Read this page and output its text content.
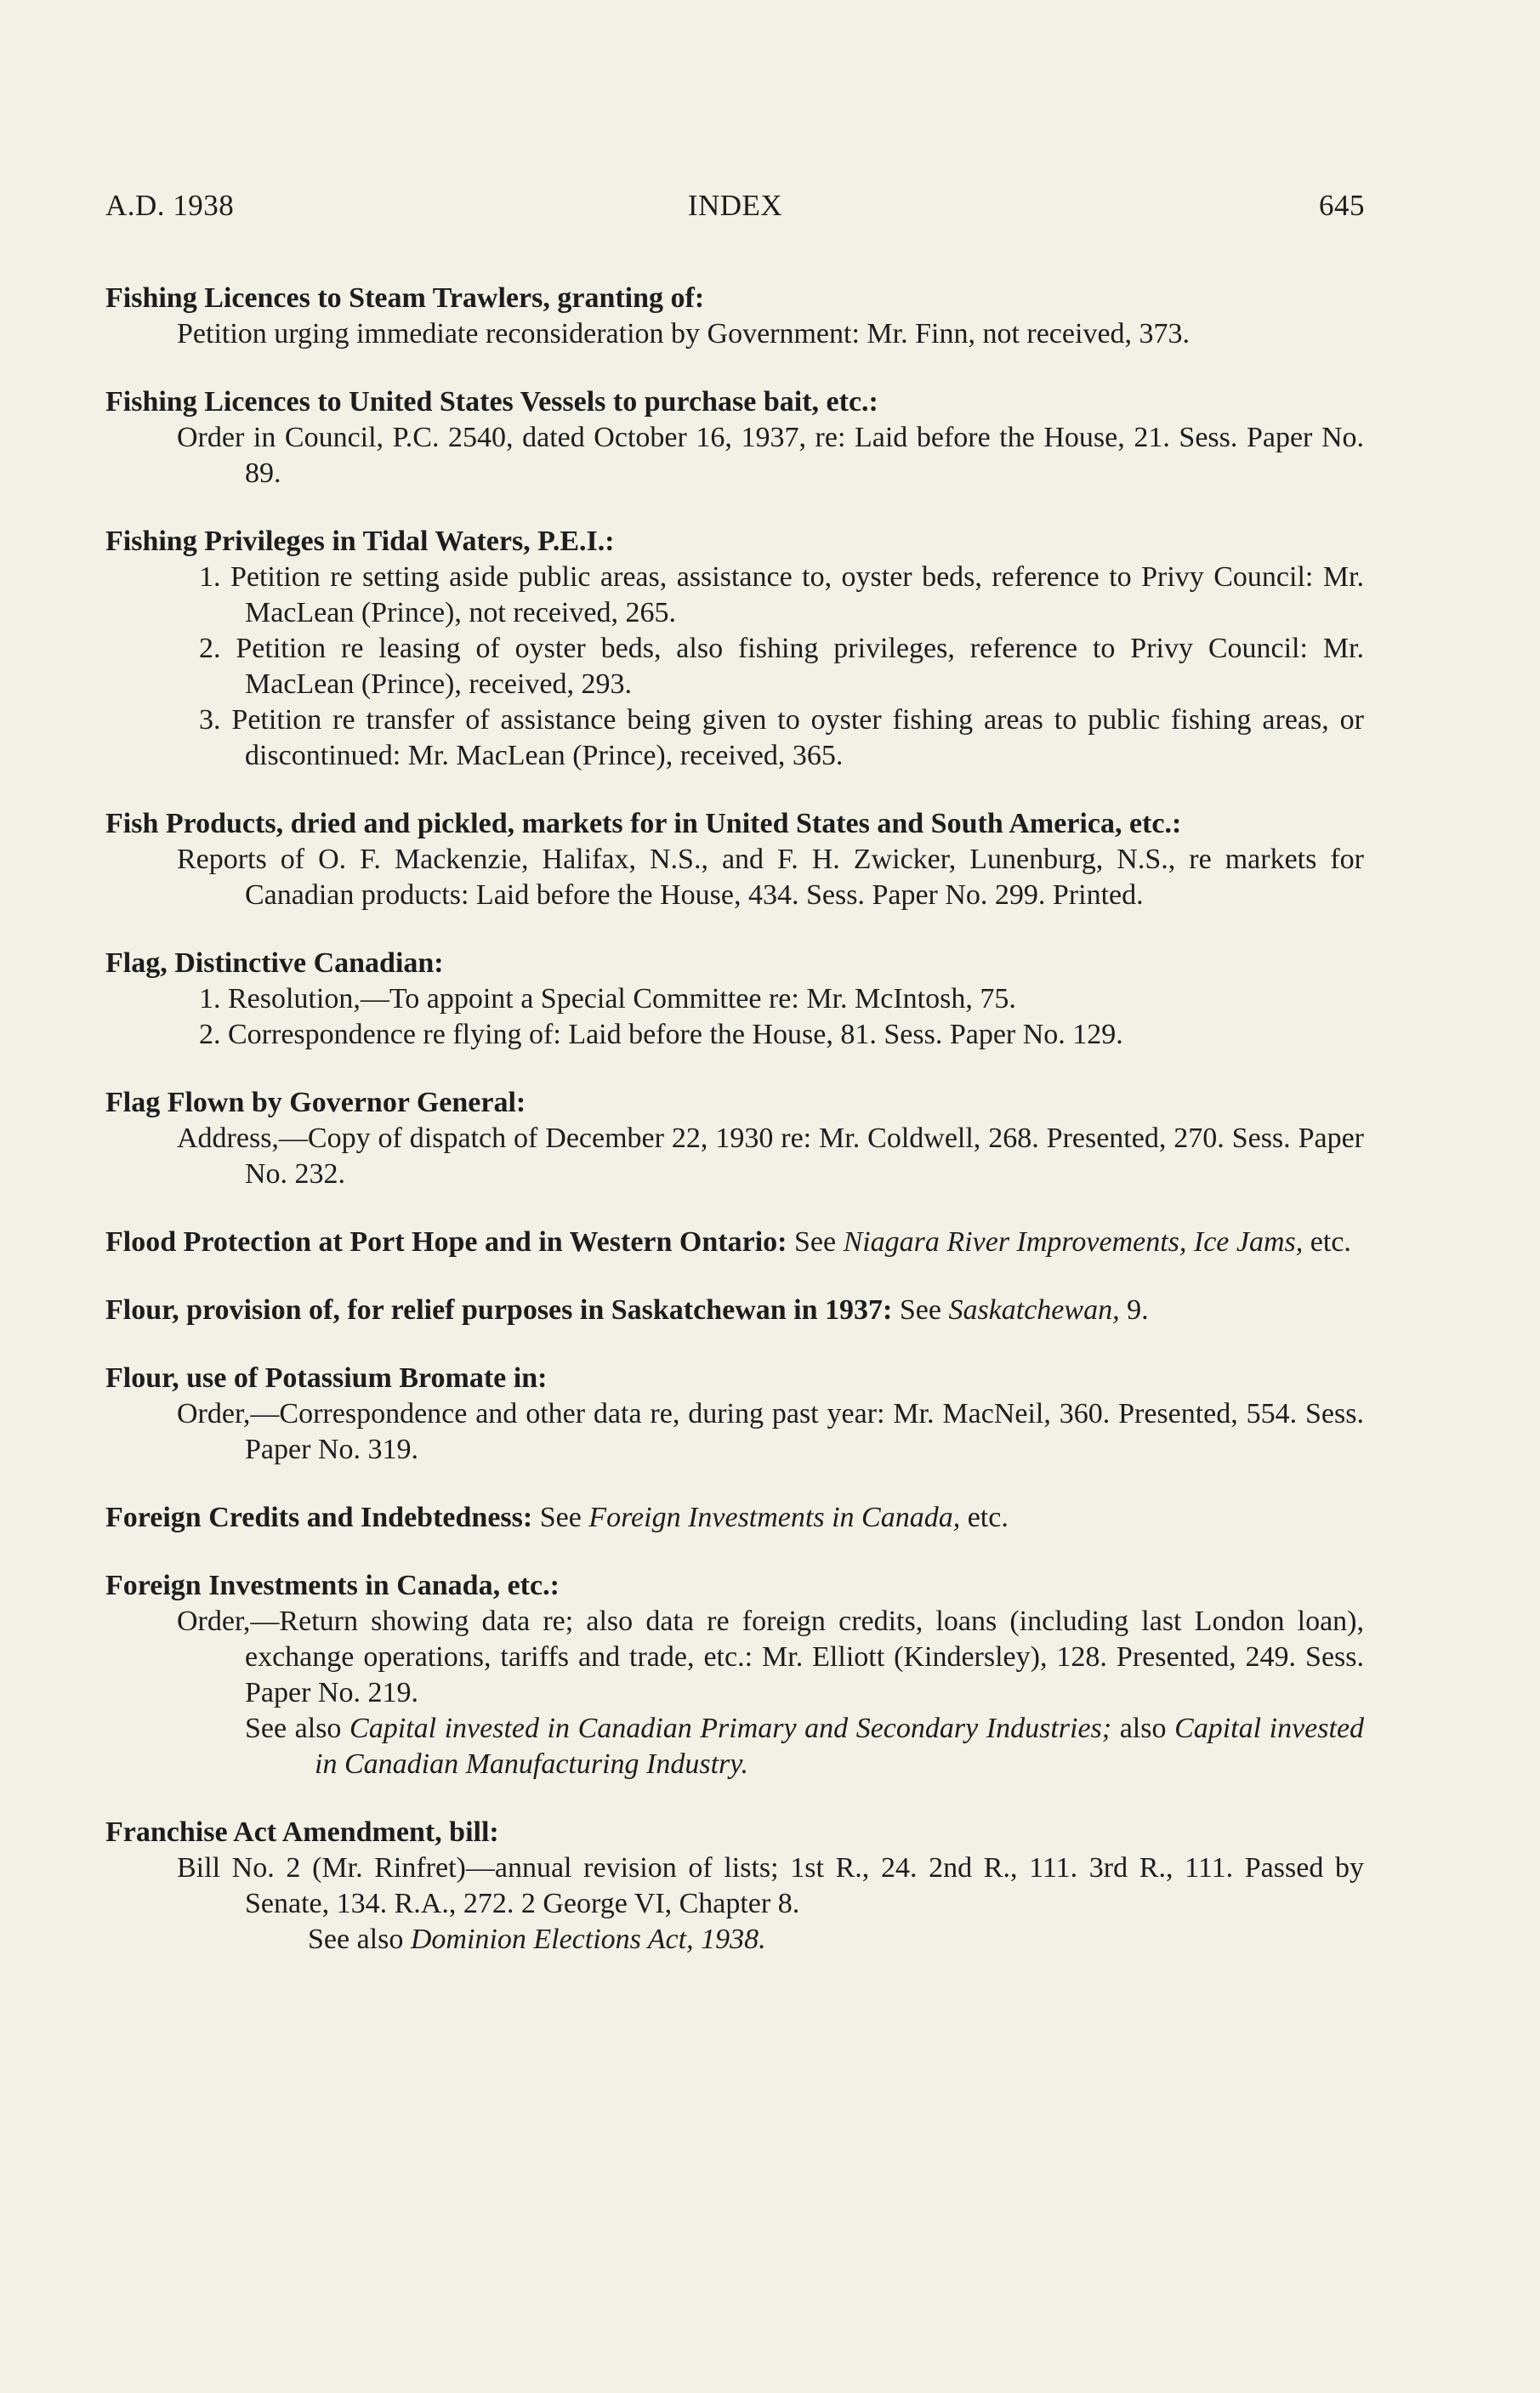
A.D. 1938	INDEX	645
Fishing Licences to Steam Trawlers, granting of:
Petition urging immediate reconsideration by Government: Mr. Finn, not received, 373.
Fishing Licences to United States Vessels to purchase bait, etc.:
Order in Council, P.C. 2540, dated October 16, 1937, re: Laid before the House, 21. Sess. Paper No. 89.
Fishing Privileges in Tidal Waters, P.E.I.:
1. Petition re setting aside public areas, assistance to, oyster beds, reference to Privy Council: Mr. MacLean (Prince), not received, 265.
2. Petition re leasing of oyster beds, also fishing privileges, reference to Privy Council: Mr. MacLean (Prince), received, 293.
3. Petition re transfer of assistance being given to oyster fishing areas to public fishing areas, or discontinued: Mr. MacLean (Prince), received, 365.
Fish Products, dried and pickled, markets for in United States and South America, etc.:
Reports of O. F. Mackenzie, Halifax, N.S., and F. H. Zwicker, Lunenburg, N.S., re markets for Canadian products: Laid before the House, 434. Sess. Paper No. 299. Printed.
Flag, Distinctive Canadian:
1. Resolution,—To appoint a Special Committee re: Mr. McIntosh, 75.
2. Correspondence re flying of: Laid before the House, 81. Sess. Paper No. 129.
Flag Flown by Governor General:
Address,—Copy of dispatch of December 22, 1930 re: Mr. Coldwell, 268. Presented, 270. Sess. Paper No. 232.
Flood Protection at Port Hope and in Western Ontario: See Niagara River Improvements, Ice Jams, etc.
Flour, provision of, for relief purposes in Saskatchewan in 1937: See Saskatchewan, 9.
Flour, use of Potassium Bromate in:
Order,—Correspondence and other data re, during past year: Mr. MacNeil, 360. Presented, 554. Sess. Paper No. 319.
Foreign Credits and Indebtedness: See Foreign Investments in Canada, etc.
Foreign Investments in Canada, etc.:
Order,—Return showing data re; also data re foreign credits, loans (including last London loan), exchange operations, tariffs and trade, etc.: Mr. Elliott (Kindersley), 128. Presented, 249. Sess. Paper No. 219.
See also Capital invested in Canadian Primary and Secondary Industries; also Capital invested in Canadian Manufacturing Industry.
Franchise Act Amendment, bill:
Bill No. 2 (Mr. Rinfret)—annual revision of lists; 1st R., 24. 2nd R., 111. 3rd R., 111. Passed by Senate, 134. R.A., 272. 2 George VI, Chapter 8.
See also Dominion Elections Act, 1938.
